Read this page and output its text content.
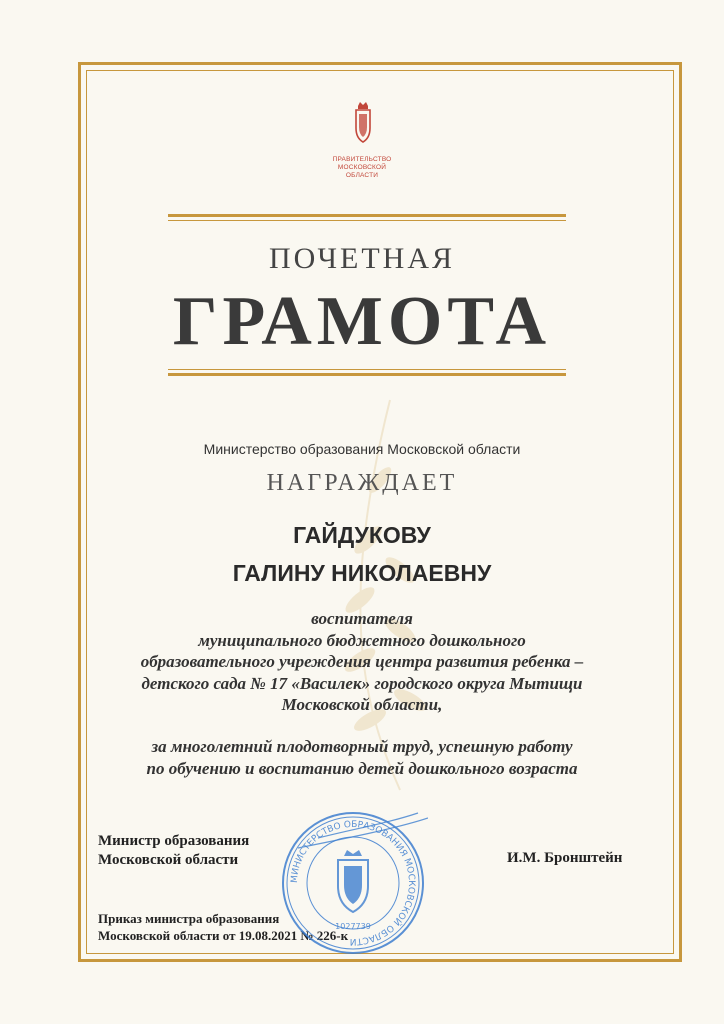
ПРАВИТЕЛЬСТВО
МОСКОВСКОЙ
ОБЛАСТИ
ПОЧЕТНАЯ
ГРАМОТА
Министерство образования Московской области
НАГРАЖДАЕТ
ГАЙДУКОВУ
ГАЛИНУ НИКОЛАЕВНУ
воспитателя
муниципального бюджетного дошкольного
образовательного учреждения центра развития ребенка –
детского сада № 17 «Василек» городского округа Мытищи
Московской области,
за многолетний плодотворный труд, успешную работу
по обучению и воспитанию детей дошкольного возраста
Министр образования
Московской области	И.М. Бронштейн
Приказ министра образования
Московской области от 19.08.2021 № 226-к
МИНИСТЕРСТВО ОБРАЗОВАНИЯ МОСКОВСКОЙ ОБЛАСТИ
1027739
